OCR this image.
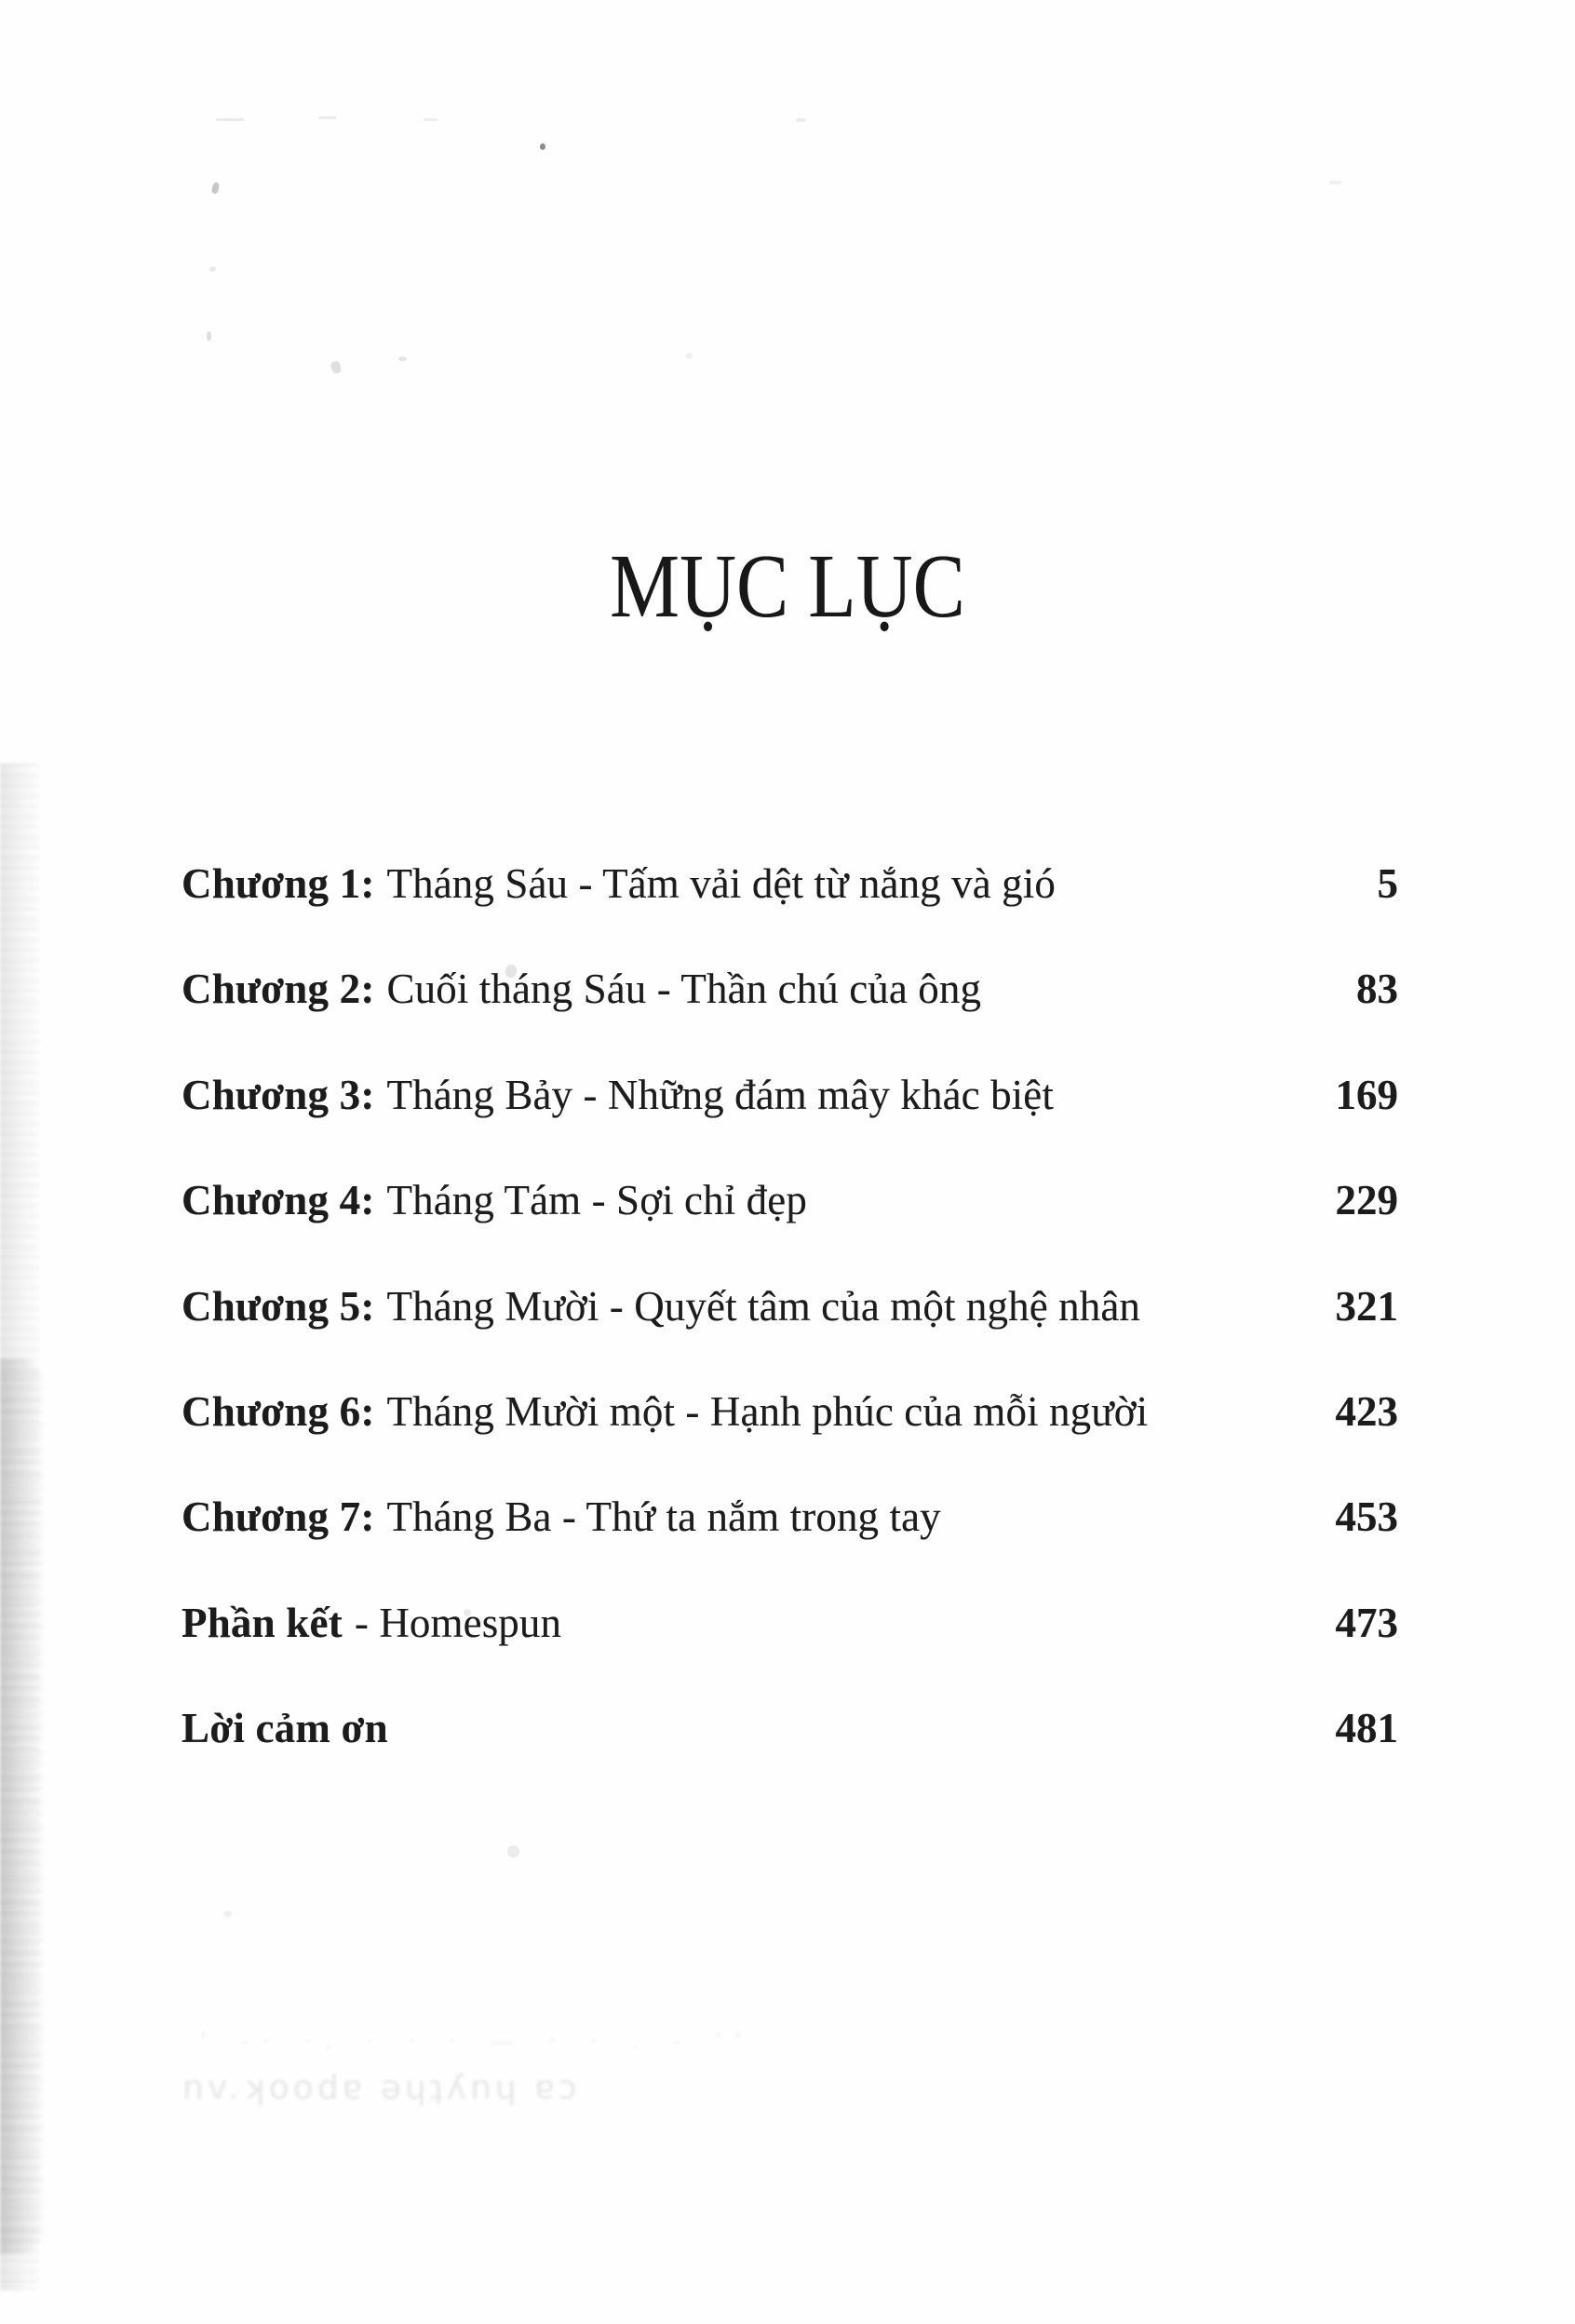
MỤC LỤC
Chương 1: Tháng Sáu - Tấm vải dệt từ nắng và gió	5
Chương 2: Cuối tháng Sáu - Thần chú của ông	83
Chương 3: Tháng Bảy - Những đám mây khác biệt	169
Chương 4: Tháng Tám - Sợi chỉ đẹp	229
Chương 5: Tháng Mười - Quyết tâm của một nghệ nhân	321
Chương 6: Tháng Mười một - Hạnh phúc của mỗi người	423
Chương 7: Tháng Ba - Thứ ta nắm trong tay	453
Phần kết - Homespun	473
Lời cảm ơn	481
' -· ·. · · · — · · . - ''
nv.ʞoodɐ ǝɥʇʎnɥ ɐɔ
